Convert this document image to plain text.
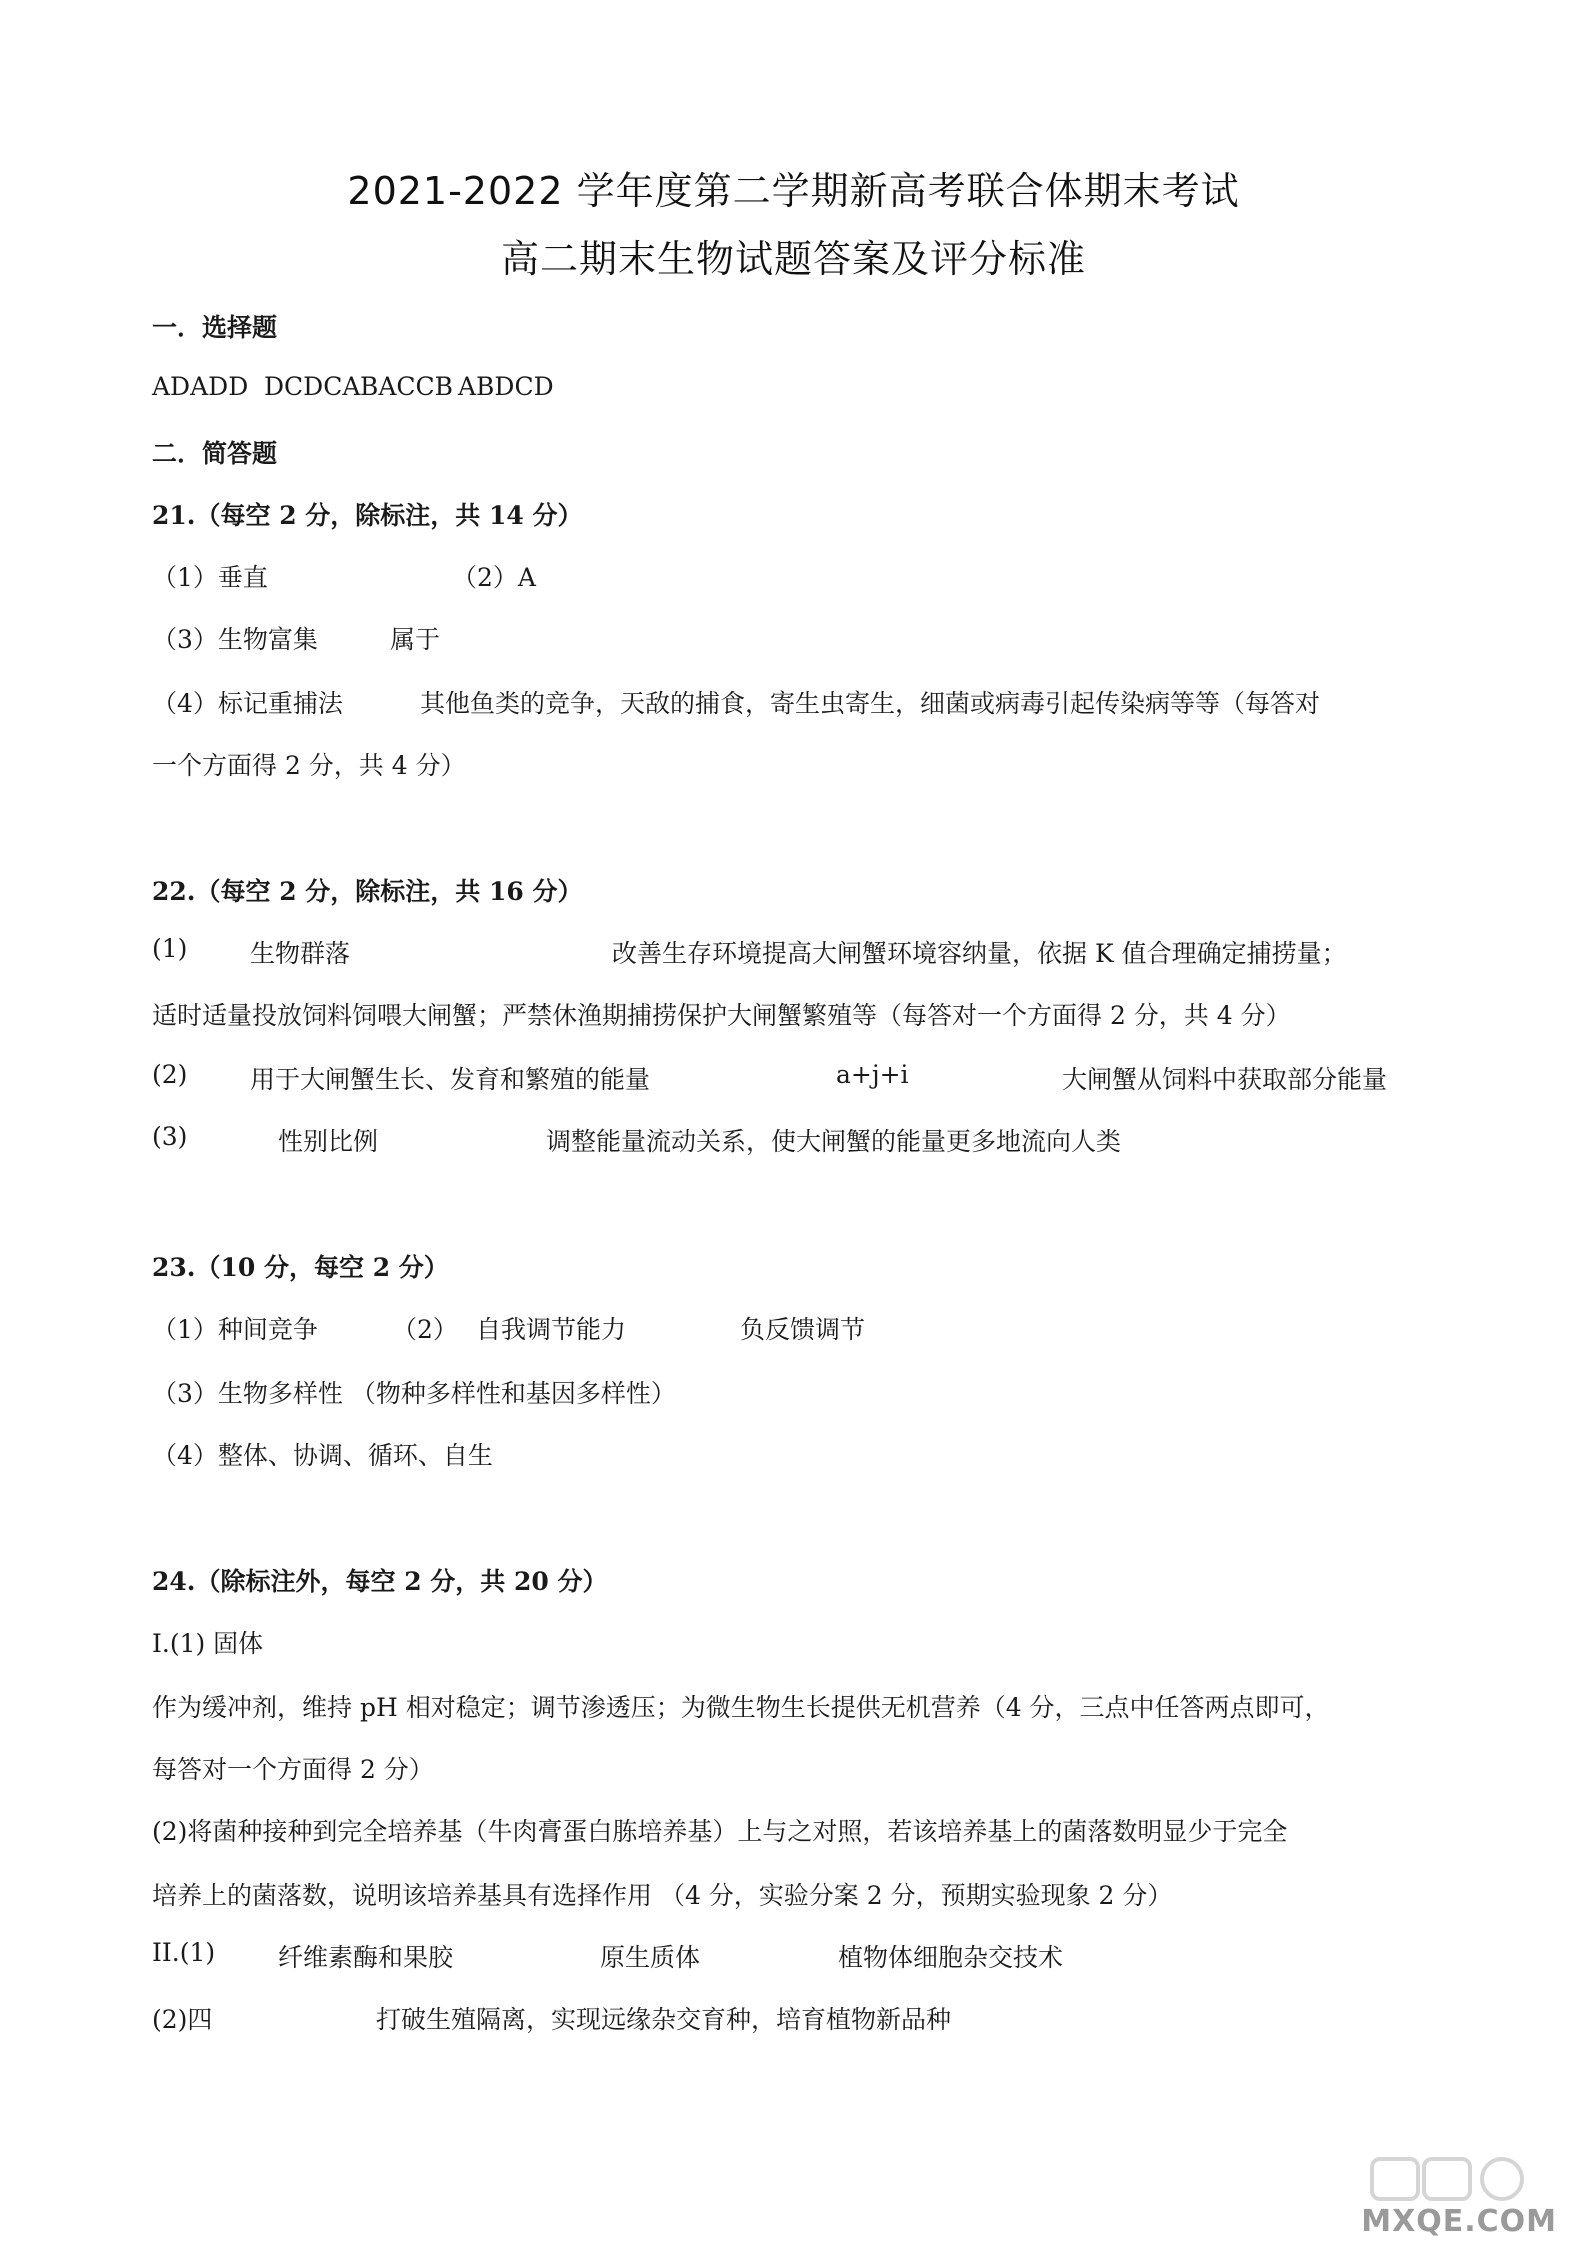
2021-2022 学年度第二学期新高考联合体期末考试
高二期末生物试题答案及评分标准
一．选择题
ADADD DCDCA BACCB ABDCD
二．简答题
21.（每空 2 分，除标注，共 14 分）
（1）垂直	（2）A
（3）生物富集	属于
（4）标记重捕法	其他鱼类的竞争，天敌的捕食，寄生虫寄生，细菌或病毒引起传染病等等（每答对
一个方面得 2 分，共 4 分）
22.（每空 2 分，除标注，共 16 分）
(1)	生物群落	改善生存环境提高大闸蟹环境容纳量，依据 K 值合理确定捕捞量；
适时适量投放饲料饲喂大闸蟹；严禁休渔期捕捞保护大闸蟹繁殖等（每答对一个方面得 2 分，共 4 分）
(2)	用于大闸蟹生长、发育和繁殖的能量	a+j+i	大闸蟹从饲料中获取部分能量
(3)	性别比例	调整能量流动关系，使大闸蟹的能量更多地流向人类
23.（10 分，每空 2 分）
（1）种间竞争	（2） 自我调节能力	负反馈调节
（3）生物多样性 （物种多样性和基因多样性）
（4）整体、协调、循环、自生
24.（除标注外，每空 2 分，共 20 分）
I.(1) 固体
作为缓冲剂，维持 pH 相对稳定；调节渗透压；为微生物生长提供无机营养（4 分，三点中任答两点即可，
每答对一个方面得 2 分）
(2)将菌种接种到完全培养基（牛肉膏蛋白胨培养基）上与之对照，若该培养基上的菌落数明显少于完全
培养上的菌落数，说明该培养基具有选择作用 （4 分，实验分案 2 分，预期实验现象 2 分）
II.(1)	纤维素酶和果胶	原生质体	植物体细胞杂交技术
(2)四	打破生殖隔离，实现远缘杂交育种，培育植物新品种
MXQE.COM
